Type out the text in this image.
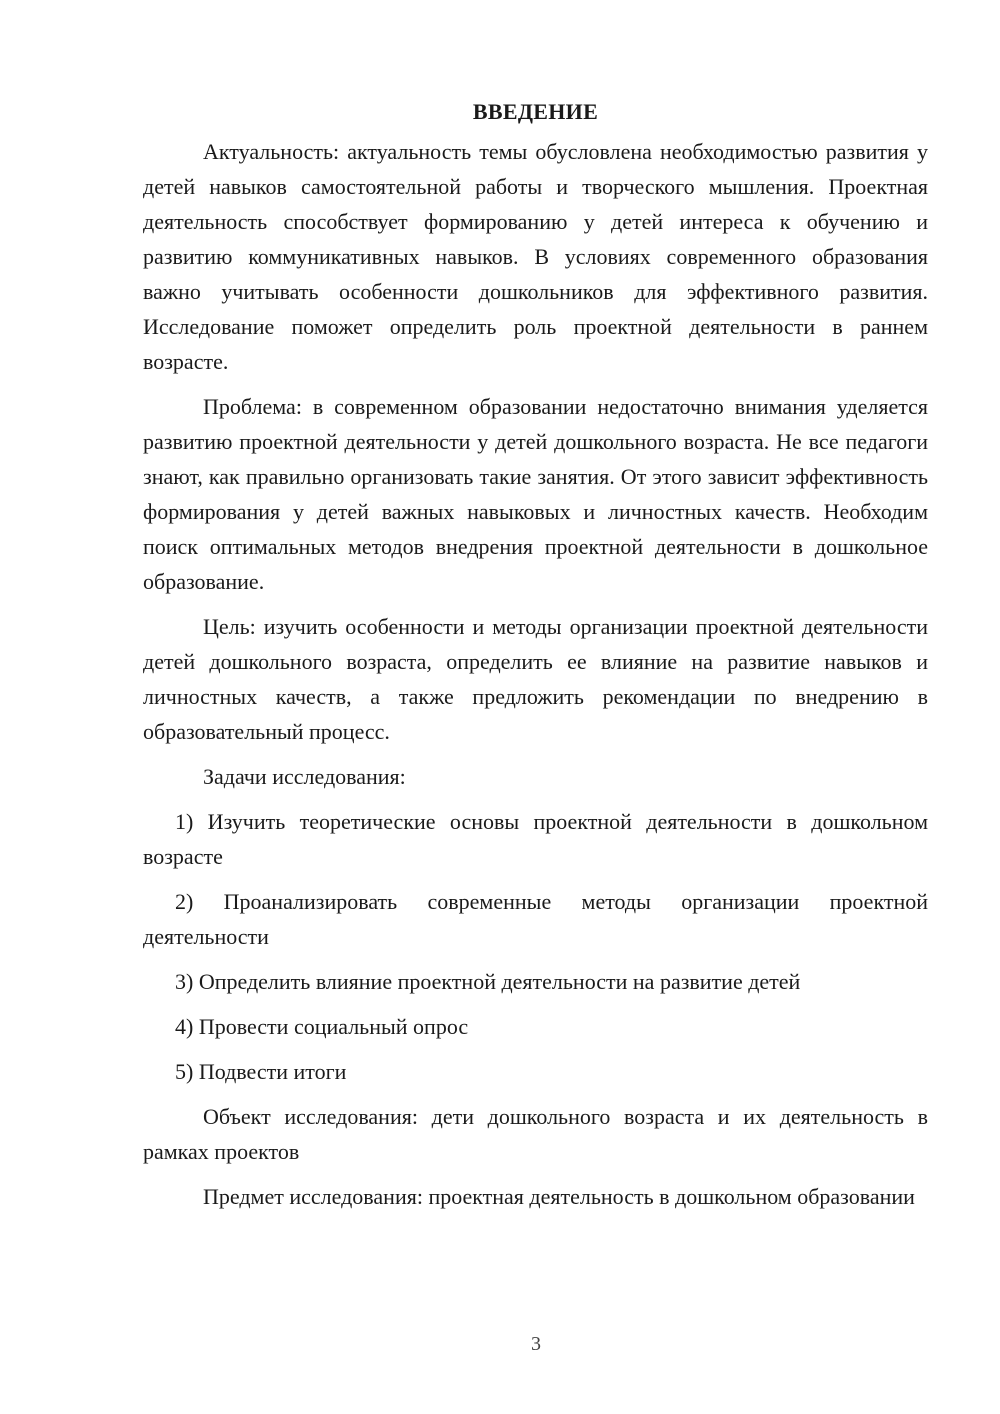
ВВЕДЕНИЕ

Актуальность: актуальность темы обусловлена необходимостью развития у детей навыков самостоятельной работы и творческого мышления. Проектная деятельность способствует формированию у детей интереса к обучению и развитию коммуникативных навыков. В условиях современного образования важно учитывать особенности дошкольников для эффективного развития. Исследование поможет определить роль проектной деятельности в раннем возрасте.

Проблема: в современном образовании недостаточно внимания уделяется развитию проектной деятельности у детей дошкольного возраста. Не все педагоги знают, как правильно организовать такие занятия. От этого зависит эффективность формирования у детей важных навыковых и личностных качеств. Необходим поиск оптимальных методов внедрения проектной деятельности в дошкольное образование.

Цель: изучить особенности и методы организации проектной деятельности детей дошкольного возраста, определить ее влияние на развитие навыков и личностных качеств, а также предложить рекомендации по внедрению в образовательный процесс.

Задачи исследования:

1) Изучить теоретические основы проектной деятельности в дошкольном возрасте

2) Проанализировать современные методы организации проектной деятельности

3) Определить влияние проектной деятельности на развитие детей

4) Провести социальный опрос

5) Подвести итоги

Объект исследования: дети дошкольного возраста и их деятельность в рамках проектов

Предмет исследования: проектная деятельность в дошкольном образовании

3
